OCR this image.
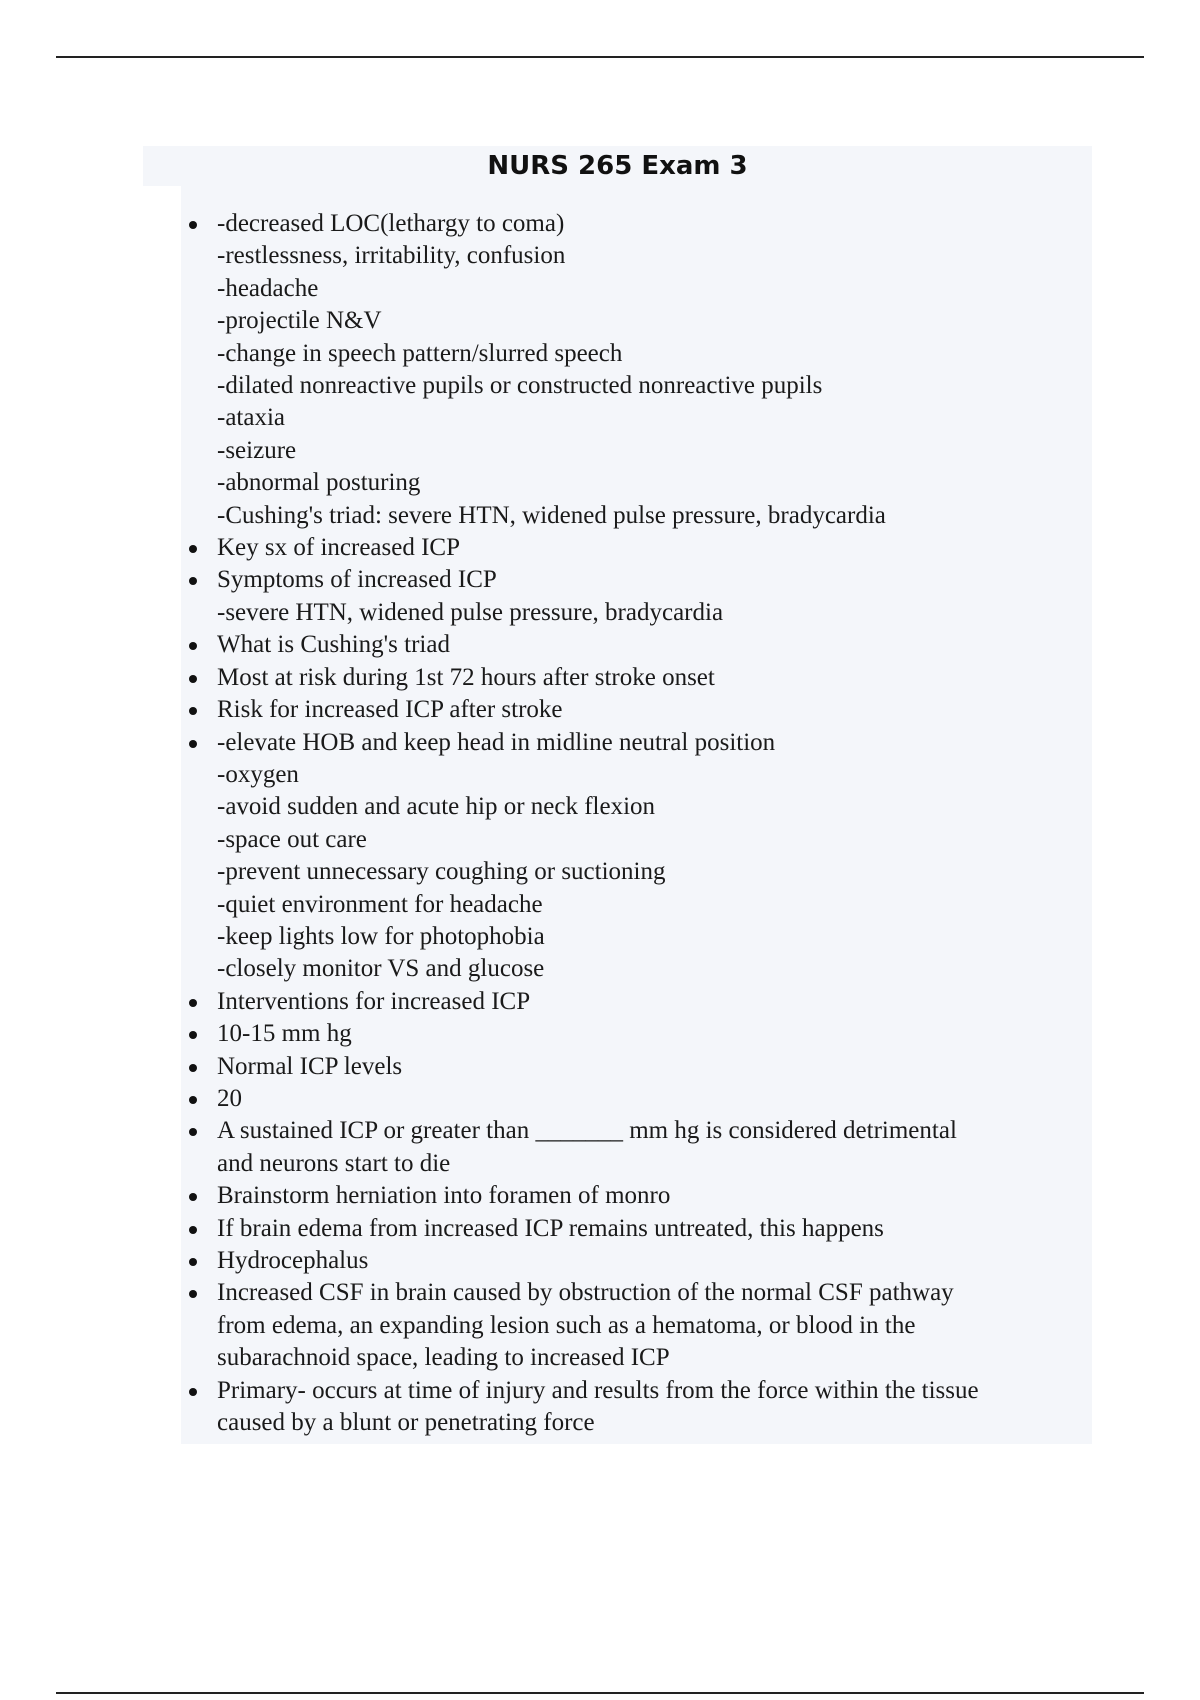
NURS 265 Exam 3
-decreased LOC(lethargy to coma)
-restlessness, irritability, confusion
-headache
-projectile N&V
-change in speech pattern/slurred speech
-dilated nonreactive pupils or constructed nonreactive pupils
-ataxia
-seizure
-abnormal posturing
-Cushing's triad: severe HTN, widened pulse pressure, bradycardia
Key sx of increased ICP
Symptoms of increased ICP
-severe HTN, widened pulse pressure, bradycardia
What is Cushing's triad
Most at risk during 1st 72 hours after stroke onset
Risk for increased ICP after stroke
-elevate HOB and keep head in midline neutral position
-oxygen
-avoid sudden and acute hip or neck flexion
-space out care
-prevent unnecessary coughing or suctioning
-quiet environment for headache
-keep lights low for photophobia
-closely monitor VS and glucose
Interventions for increased ICP
10-15 mm hg
Normal ICP levels
20
A sustained ICP or greater than _______ mm hg is considered detrimental
and neurons start to die
Brainstorm herniation into foramen of monro
If brain edema from increased ICP remains untreated, this happens
Hydrocephalus
Increased CSF in brain caused by obstruction of the normal CSF pathway
from edema, an expanding lesion such as a hematoma, or blood in the
subarachnoid space, leading to increased ICP
Primary- occurs at time of injury and results from the force within the tissue
caused by a blunt or penetrating force
